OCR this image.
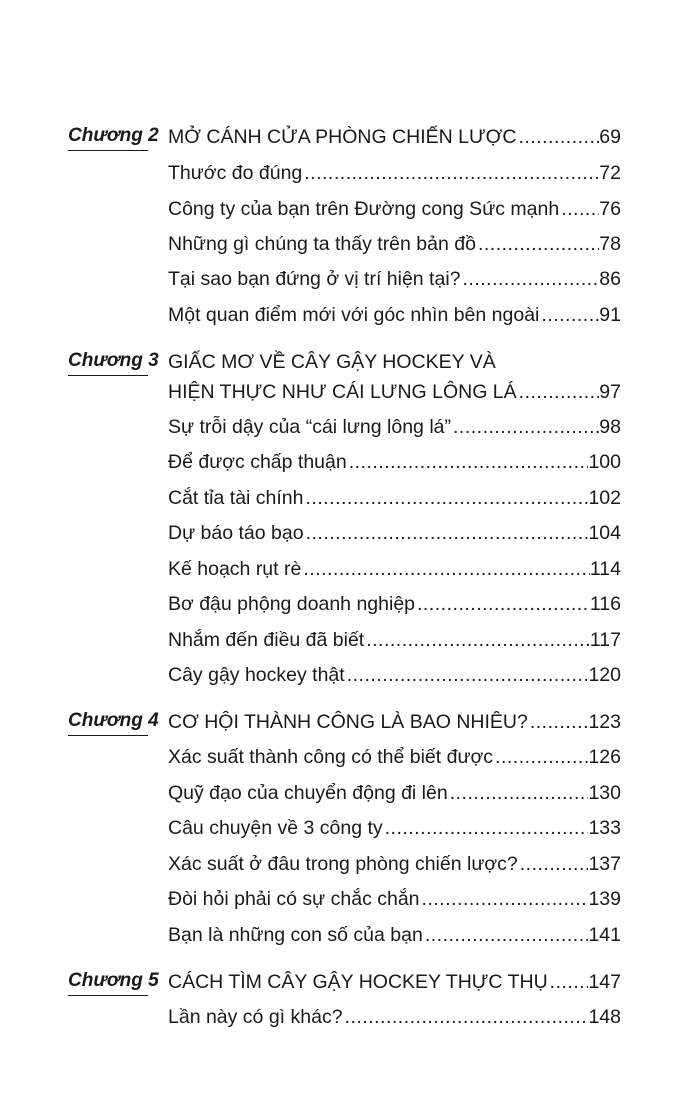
Chương 2 MỞ CÁNH CỬA PHÒNG CHIẾN LƯỢC .....	69
Thước đo đúng .....	72
Công ty của bạn trên Đường cong Sức mạnh ..... 76
Những gì chúng ta thấy trên bản đồ .....	78
Tại sao bạn đứng ở vị trí hiện tại? .....	86
Một quan điểm mới với góc nhìn bên ngoài .....	91
Chương 3 GIẤC MƠ VỀ CÂY GẬY HOCKEY VÀ
HIỆN THỰC NHƯ CÁI LƯNG LÔNG LÁ .....	97
Sự trỗi dậy của “cái lưng lông lá” .....	98
Để được chấp thuận .....	100
Cắt tỉa tài chính .....	102
Dự báo táo bạo .....	104
Kế hoạch rụt rè .....	114
Bơ đậu phộng doanh nghiệp .....	116
Nhắm đến điều đã biết .....	117
Cây gậy hockey thật .....	120
Chương 4 CƠ HỘI THÀNH CÔNG LÀ BAO NHIÊU? .....	123
Xác suất thành công có thể biết được .....	126
Quỹ đạo của chuyển động đi lên .....	130
Câu chuyện về 3 công ty .....	133
Xác suất ở đâu trong phòng chiến lược? .....	137
Đòi hỏi phải có sự chắc chắn .....	139
Bạn là những con số của bạn .....	141
Chương 5 CÁCH TÌM CÂY GẬY HOCKEY THỰC THỤ ..... 147
Lần này có gì khác? .....	148
